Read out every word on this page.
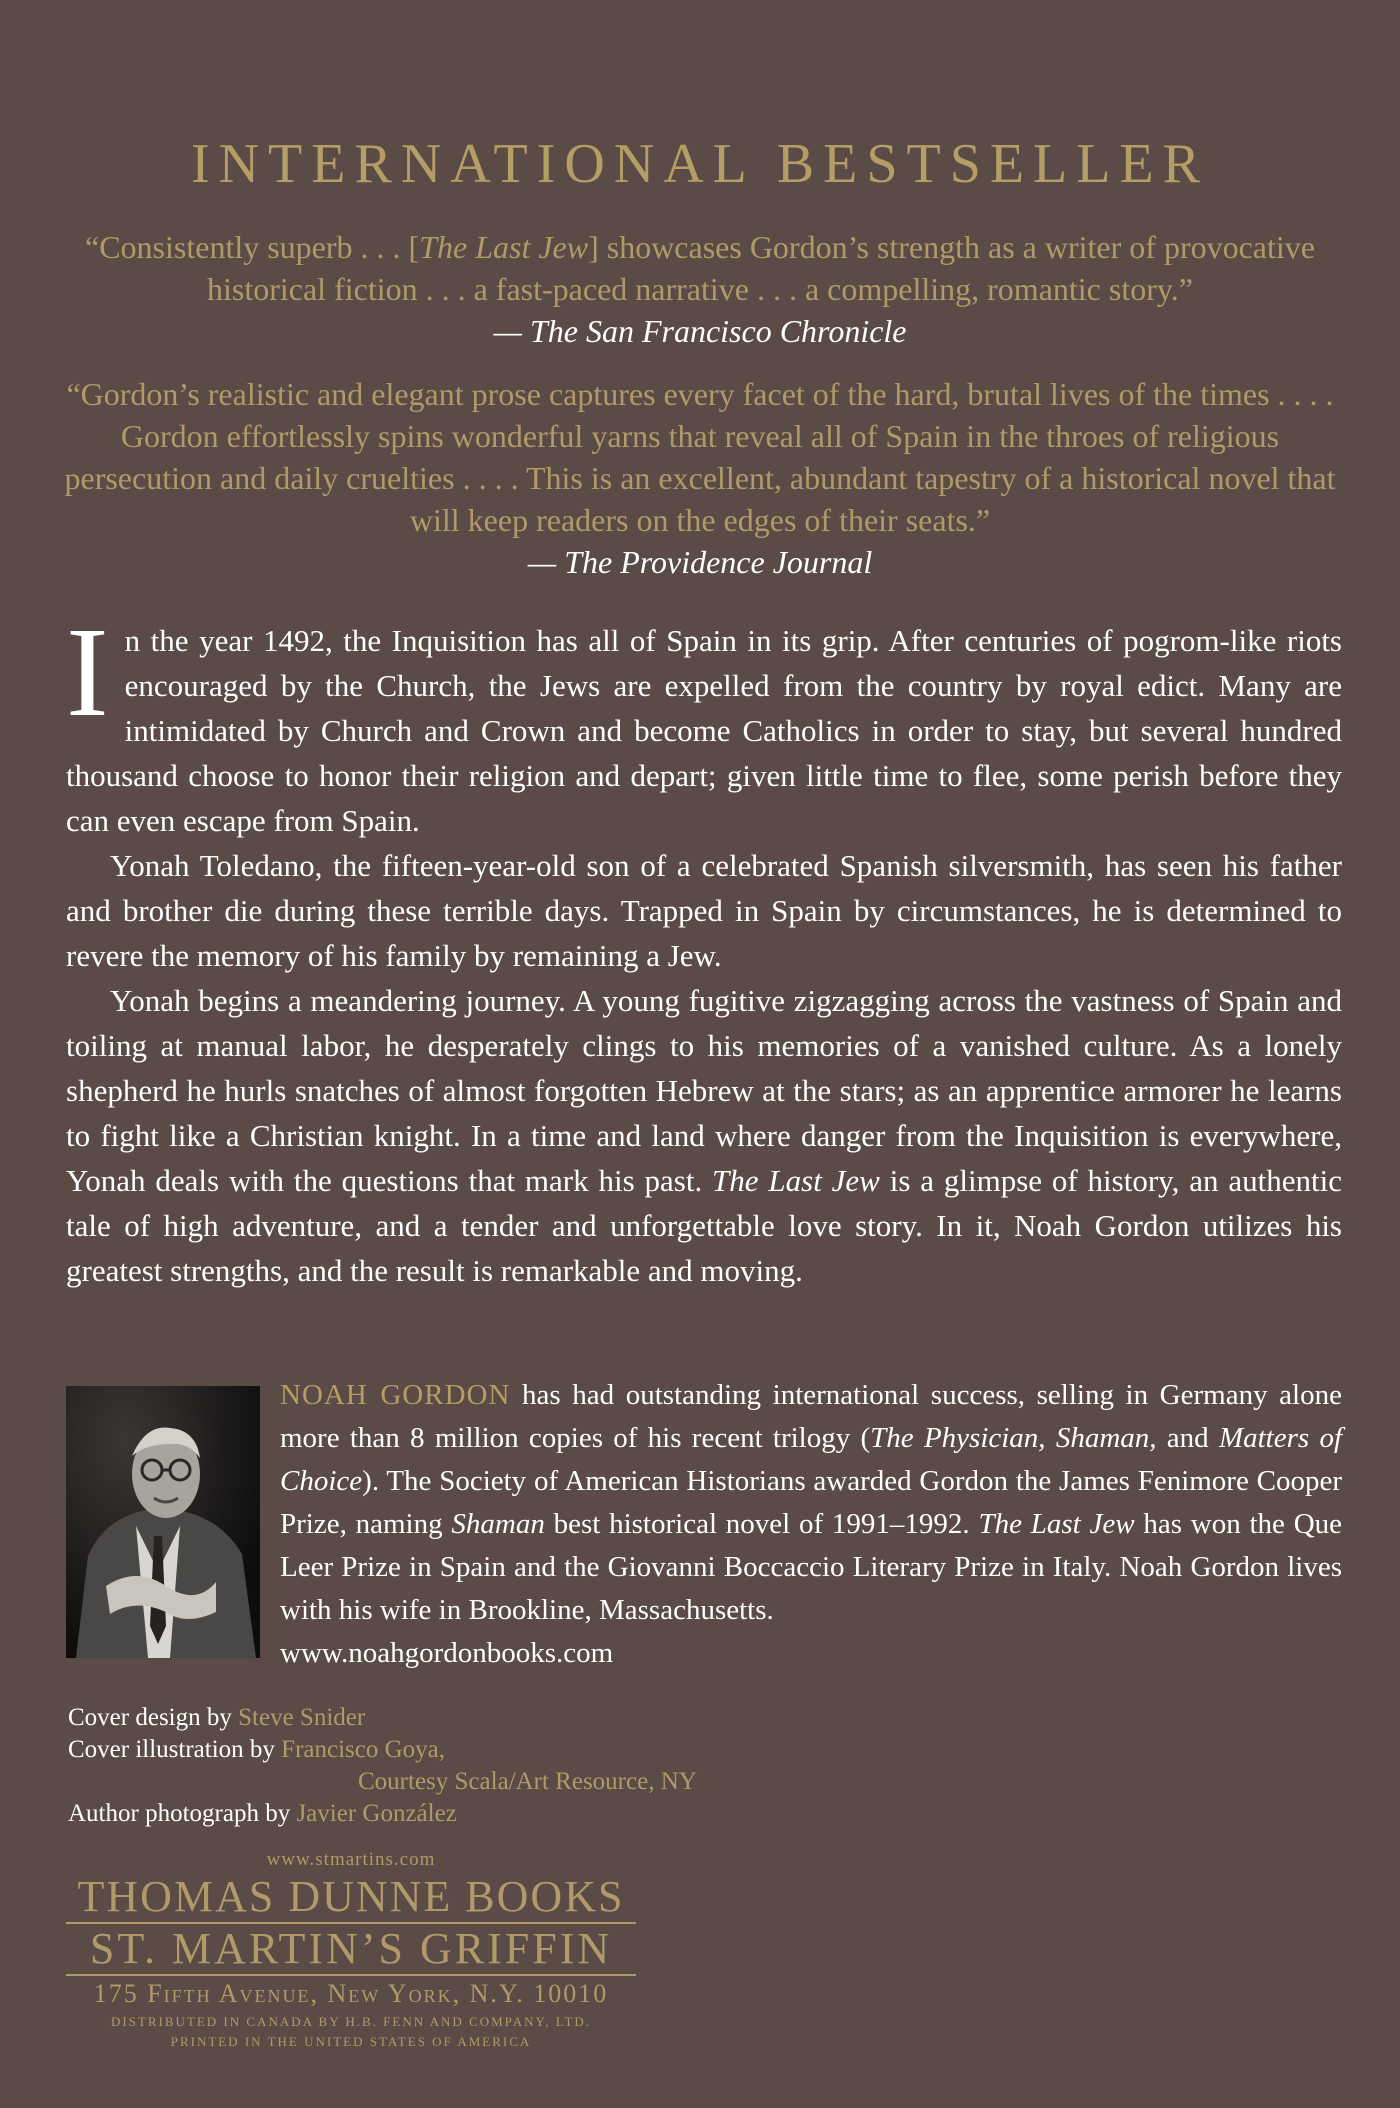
INTERNATIONAL BESTSELLER
“Consistently superb . . . [The Last Jew] showcases Gordon’s strength as a writer of provocative historical fiction . . . a fast-paced narrative . . . a compelling, romantic story.”
— The San Francisco Chronicle
“Gordon’s realistic and elegant prose captures every facet of the hard, brutal lives of the times . . . . Gordon effortlessly spins wonderful yarns that reveal all of Spain in the throes of religious persecution and daily cruelties . . . . This is an excellent, abundant tapestry of a historical novel that will keep readers on the edges of their seats.”
— The Providence Journal

In the year 1492, the Inquisition has all of Spain in its grip. After centuries of pogrom-like riots encouraged by the Church, the Jews are expelled from the country by royal edict. Many are intimidated by Church and Crown and become Catholics in order to stay, but several hundred thousand choose to honor their religion and depart; given little time to flee, some perish before they can even escape from Spain.

Yonah Toledano, the fifteen-year-old son of a celebrated Spanish silversmith, has seen his father and brother die during these terrible days. Trapped in Spain by circumstances, he is determined to revere the memory of his family by remaining a Jew.

Yonah begins a meandering journey. A young fugitive zigzagging across the vastness of Spain and toiling at manual labor, he desperately clings to his memories of a vanished culture. As a lonely shepherd he hurls snatches of almost forgotten Hebrew at the stars; as an apprentice armorer he learns to fight like a Christian knight. In a time and land where danger from the Inquisition is everywhere, Yonah deals with the questions that mark his past. The Last Jew is a glimpse of history, an authentic tale of high adventure, and a tender and unforgettable love story. In it, Noah Gordon utilizes his greatest strengths, and the result is remarkable and moving.

NOAH GORDON has had outstanding international success, selling in Germany alone more than 8 million copies of his recent trilogy (The Physician, Shaman, and Matters of Choice). The Society of American Historians awarded Gordon the James Fenimore Cooper Prize, naming Shaman best historical novel of 1991–1992. The Last Jew has won the Que Leer Prize in Spain and the Giovanni Boccaccio Literary Prize in Italy. Noah Gordon lives with his wife in Brookline, Massachusetts.
www.noahgordonbooks.com
Cover design by Steve Snider
Cover illustration by Francisco Goya,
Courtesy Scala/Art Resource, NY
Author photograph by Javier González
www.stmartins.com
THOMAS DUNNE BOOKS
ST. MARTIN’S GRIFFIN
175 Fifth Avenue, New York, N.Y. 10010
DISTRIBUTED IN CANADA BY H.B. FENN AND COMPANY, LTD.
PRINTED IN THE UNITED STATES OF AMERICA
